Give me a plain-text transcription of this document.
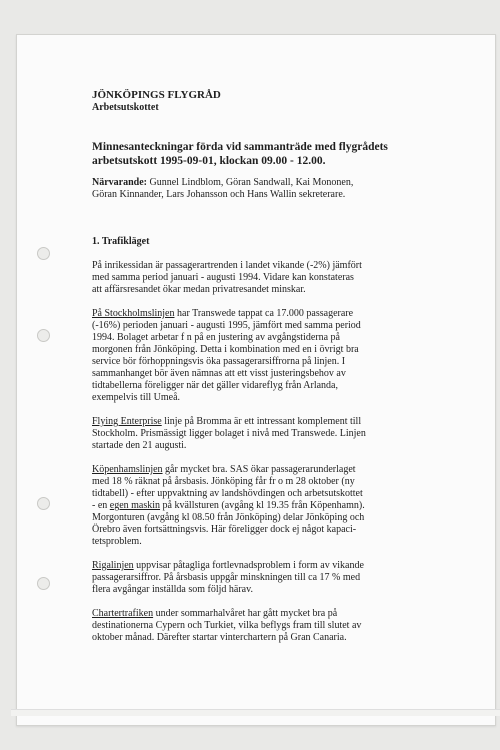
JÖNKÖPINGS FLYGRÅD
Arbetsutskottet
Minnesanteckningar förda vid sammanträde med flygrådets
arbetsutskott 1995-09-01, klockan 09.00 - 12.00.
Närvarande: Gunnel Lindblom, Göran Sandwall, Kai Mononen,
Göran Kinnander, Lars Johansson och Hans Wallin sekreterare.
1. Trafikläget
På inrikessidan är passagerartrenden i landet vikande (-2%) jämfört
med samma period januari - augusti 1994. Vidare kan konstateras
att affärsresandet ökar medan privatresandet minskar.
På Stockholmslinjen har Transwede tappat ca 17.000 passagerare
(-16%) perioden januari - augusti 1995, jämfört med samma period
1994. Bolaget arbetar f n på en justering av avgångstiderna på
morgonen från Jönköping. Detta i kombination med en i övrigt bra
service bör förhoppningsvis öka passagerarsiffrorna på linjen. I
sammanhanget bör även nämnas att ett visst justeringsbehov av
tidtabellerna föreligger när det gäller vidareflyg från Arlanda,
exempelvis till Umeå.
Flying Enterprise linje på Bromma är ett intressant komplement till
Stockholm. Prismässigt ligger bolaget i nivå med Transwede. Linjen
startade den 21 augusti.
Köpenhamslinjen går mycket bra. SAS ökar passagerarunderlaget
med 18 % räknat på årsbasis. Jönköping får fr o m 28 oktober (ny
tidtabell) - efter uppvaktning av landshövdingen och arbetsutskottet
- en egen maskin på kvällsturen (avgång kl 19.35 från Köpenhamn).
Morgonturen (avgång kl 08.50 från Jönköping) delar Jönköping och
Örebro även fortsättningsvis. Här föreligger dock ej något kapaci-
tetsproblem.
Rigalinjen uppvisar påtagliga fortlevnadsproblem i form av vikande
passagerarsiffror. På årsbasis uppgår minskningen till ca 17 % med
flera avgångar inställda som följd härav.
Chartertrafiken under sommarhalvåret har gått mycket bra på
destinationerna Cypern och Turkiet, vilka beflygs fram till slutet av
oktober månad. Därefter startar vinterchartern på Gran Canaria.
